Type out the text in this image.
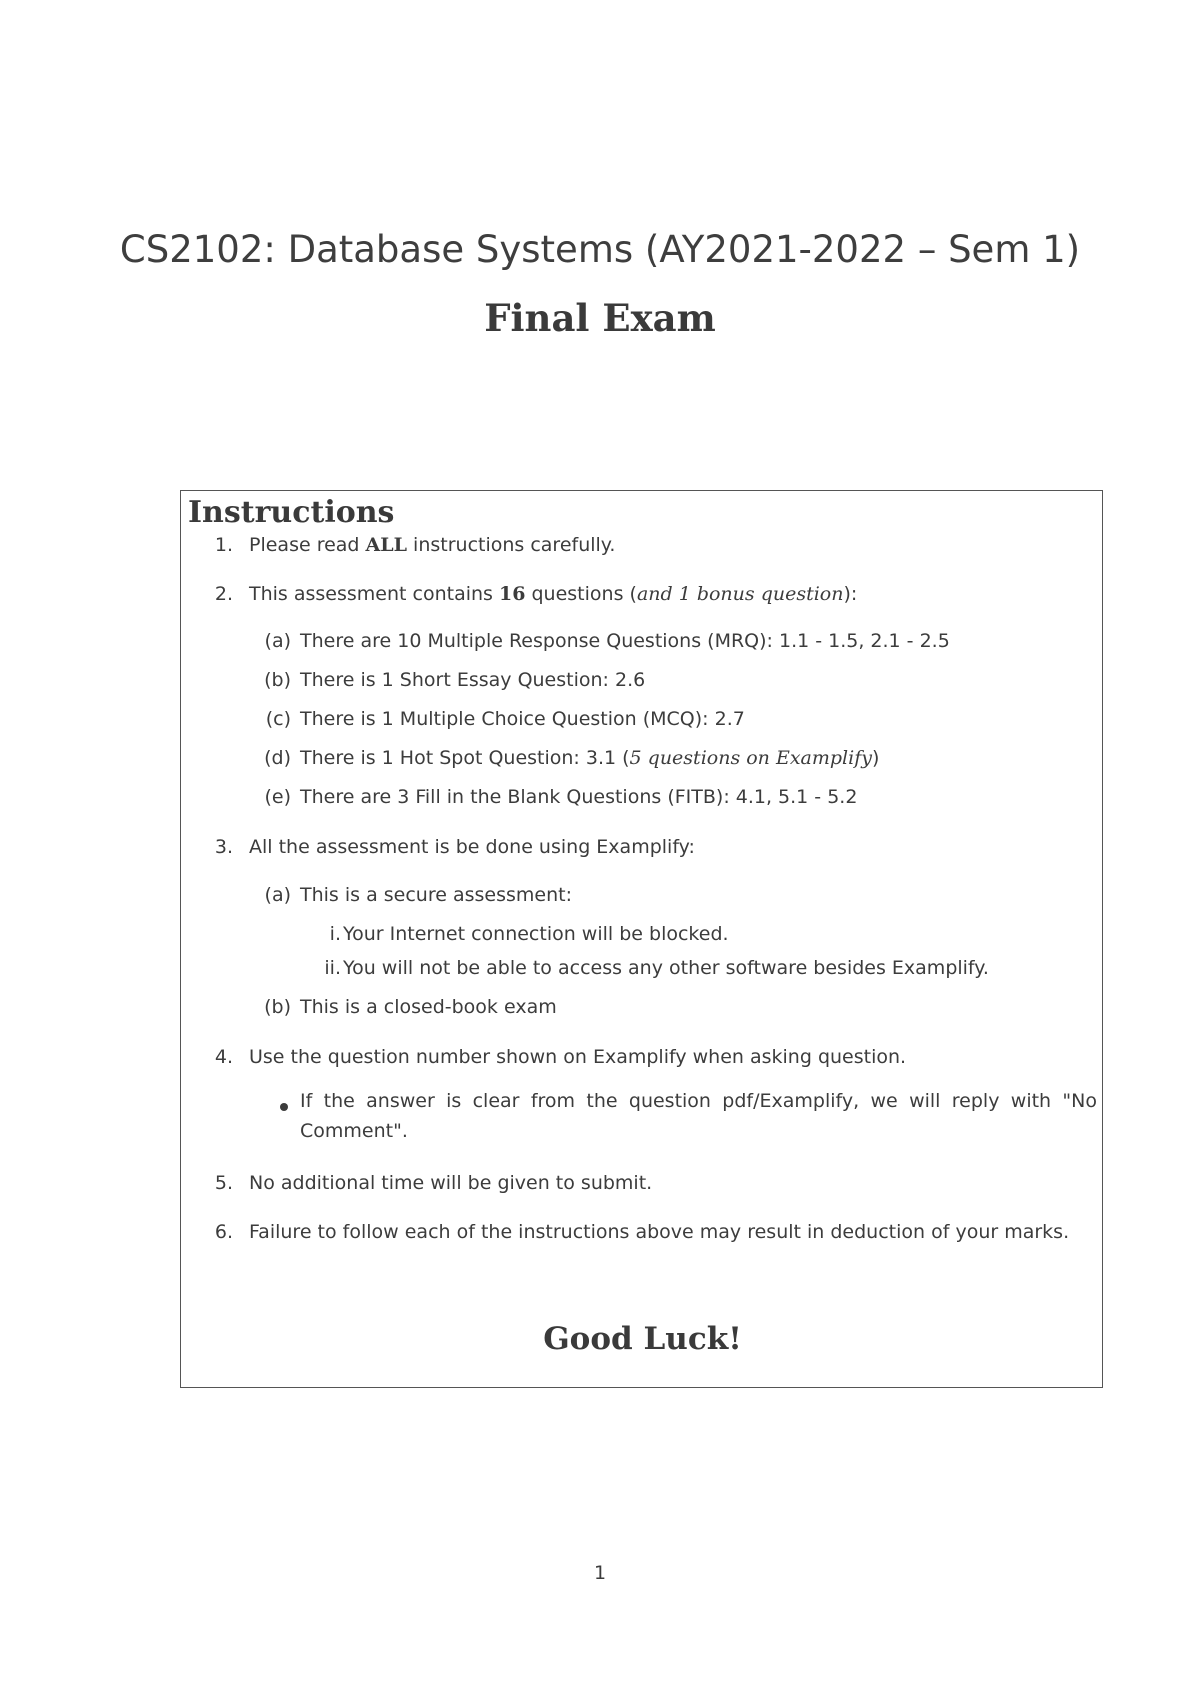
CS2102: Database Systems (AY2021-2022 – Sem 1)
Final Exam
Instructions
1. Please read ALL instructions carefully.
2. This assessment contains 16 questions (and 1 bonus question):
(a) There are 10 Multiple Response Questions (MRQ): 1.1 - 1.5, 2.1 - 2.5
(b) There is 1 Short Essay Question: 2.6
(c) There is 1 Multiple Choice Question (MCQ): 2.7
(d) There is 1 Hot Spot Question: 3.1 (5 questions on Examplify)
(e) There are 3 Fill in the Blank Questions (FITB): 4.1, 5.1 - 5.2
3. All the assessment is be done using Examplify:
(a) This is a secure assessment:
i. Your Internet connection will be blocked.
ii. You will not be able to access any other software besides Examplify.
(b) This is a closed-book exam
4. Use the question number shown on Examplify when asking question.
If the answer is clear from the question pdf/Examplify, we will reply with "No Comment".
5. No additional time will be given to submit.
6. Failure to follow each of the instructions above may result in deduction of your marks.
Good Luck!
1
